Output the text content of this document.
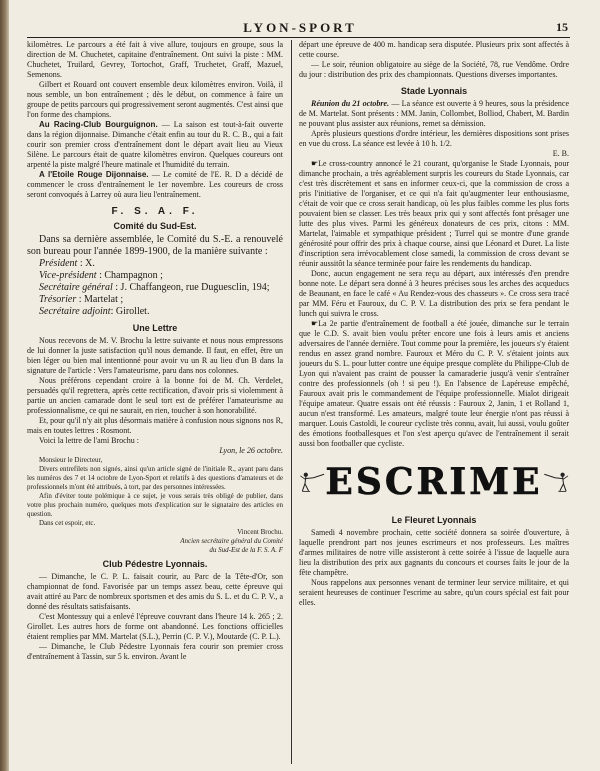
LYON-SPORT	15

kilomètres. Le parcours a été fait à vive allure, toujours en groupe, sous la direction de M. Chuchetet, capitaine d'entraînement. Ont suivi la piste : MM. Chuchetet, Truilard, Gevrey, Tortochot, Graff, Truchetet, Graff, Mazuel, Semenons.

Gilbert et Rouard ont couvert ensemble deux kilomètres environ. Voilà, il nous semble, un bon entraînement ; dès le début, on commence à faire un groupe de petits parcours qui progressivement seront augmentés. C'est ainsi que l'on forme des champions.

Au Racing-Club Bourguignon. — La saison est tout-à-fait ouverte dans la région dijonnaise. Dimanche c'était enfin au tour du R. C. B., qui a fait courir son premier cross d'entraînement dont le départ avait lieu au Vieux Silène. Le parcours était de quatre kilomètres environ. Quelques coureurs ont arpenté la piste malgré l'heure matinale et l'humidité du terrain.

A l'Etoile Rouge Dijonnaise. — Le comité de l'E. R. D a décidé de commencer le cross d'entraînement le 1er novembre. Les coureurs de cross seront convoqués à Larrey où aura lieu l'entraînement.

F. S. A. F.
Comité du Sud-Est.

Dans sa dernière assemblée, le Comité du S.-E. a renouvelé son bureau pour l'année 1899-1900, de la manière suivante :

Président : X.

Vice-président : Champagnon ;

Secrétaire général : J. Chaffangeon, rue Duguesclin, 194;

Trésorier : Martelat ;

Secrétaire adjoint: Girollet.

Une Lettre

Nous recevons de M. V. Brochu la lettre suivante et nous nous empressons de lui donner la juste satisfaction qu'il nous demande. Il faut, en effet, être un bien léger ou bien mal intentionné pour avoir vu un R au lieu d'un B dans la signature de l'article : Vers l'amateurisme, paru dans nos colonnes.

Nous préférons cependant croire à la bonne foi de M. Ch. Verdelet, persuadés qu'il regrettera, après cette rectification, d'avoir pris si violemment à partie un ancien camarade dont le seul tort est de préférer l'amateurisme au professionnalisme, ce qui ne saurait, en rien, toucher à son honorabilité.

Et, pour qu'il n'y ait plus désormais matière à confusion nous signons nos R, mais en toutes lettres : Rosmont.

Voici la lettre de l'ami Brochu :

Lyon, le 26 octobre.

Monsieur le Directeur,

Divers entrefilets non signés, ainsi qu'un article signé de l'initiale R., ayant paru dans les numéros des 7 et 14 octobre de Lyon-Sport et relatifs à des questions d'amateurs et de professionnels m'ont été attribués, à tort, par des personnes intéressées.

Afin d'éviter toute polémique à ce sujet, je vous serais très obligé de publier, dans votre plus prochain numéro, quelques mots d'explication sur le signataire des articles en question.

Dans cet espoir, etc.

Vincent Brochu.

Ancien secrétaire général du Comité

du Sud-Est de la F. S. A. F

Club Pédestre Lyonnais.

— Dimanche, le C. P. L. faisait courir, au Parc de la Tête-d'Or, son championnat de fond. Favorisée par un temps assez beau, cette épreuve qui avait attiré au Parc de nombreux sportsmen et des amis du S. L. et du C. P. V., a donné des résultats satisfaisants.

C'est Montessuy qui a enlevé l'épreuve couvrant dans l'heure 14 k. 265 ; 2. Girollet. Les autres hors de forme ont abandonné. Les fonctions officielles étaient remplies par MM. Martelat (S.L.), Perrin (C. P. V.), Moutarde (C. P. L.).

— Dimanche, le Club Pédestre Lyonnais fera courir son premier cross d'entraînement à Tassin, sur 5 k. environ. Avant le

départ une épreuve de 400 m. handicap sera disputée. Plusieurs prix sont affectés à cette course.

— Le soir, réunion obligatoire au siège de la Société, 78, rue Vendôme. Ordre du jour : distribution des prix des championnats. Questions diverses importantes.

Stade Lyonnais

Réunion du 21 octobre. — La séance est ouverte à 9 heures, sous la présidence de M. Martelat. Sont présents : MM. Janin, Collombet, Bolliod, Chabert, M. Bardin ne pouvant plus assister aux réunions, remet sa démission.

Après plusieurs questions d'ordre intérieur, les dernières dispositions sont prises en vue du cross. La séance est levée à 10 h. 1/2.

E. B.

☛Le cross-country annoncé le 21 courant, qu'organise le Stade Lyonnais, pour dimanche prochain, a très agréablement surpris les coureurs du Stade Lyonnais, car c'est très discrètement et sans en informer ceux-ci, que la commission de cross a pris l'initiative de l'organiser, et ce qui n'a fait qu'augmenter leur enthousiasme, c'était de voir que ce cross serait handicap, où les plus faibles comme les plus forts pouvaient bien se classer. Les très beaux prix qui y sont affectés font présager une lutte des plus vives. Parmi les généreux donateurs de ces prix, citons : MM. Martelat, l'aimable et sympathique président ; Turrel qui se montre d'une grande générosité pour offrir des prix à chaque course, ainsi que Léonard et Duret. La liste d'inscription sera irrévocablement close samedi, la commission de cross devant se réunir aussitôt la séance terminée pour faire les rendements du handicap.

Donc, aucun engagement ne sera reçu au départ, aux intéressés d'en prendre bonne note. Le départ sera donné à 3 heures précises sous les arches des acqueducs de Beaunant, en face le café « Au Rendez-vous des chasseurs ». Ce cross sera tracé par MM. Féru et Fauroux, du C. P. V. La distribution des prix se fera pendant le lunch qui suivra le cross.

☛La 2e partie d'entraînement de football a été jouée, dimanche sur le terrain que le C.D. S. avait bien voulu prêter encore une fois à leurs amis et anciens adversaires de l'année dernière. Tout comme pour la première, les joueurs s'y étaient rendus en assez grand nombre. Fauroux et Méro du C. P. V. s'étaient joints aux joueurs du S. L. pour lutter contre une équipe presque complète du Philippe-Club de Lyon qui n'avaient pas craint de pousser la camaraderie jusqu'à venir s'entraîner contre des professionnels (oh ! si peu !). En l'absence de Lapéreuse empêché, Fauroux avait pris le commandement de l'équipe professionnelle. Mialot dirigeait l'équipe amateur. Quatre essais ont été réussis : Fauroux 2, Janin, 1 et Rolland 1, aucun n'est transformé. Les amateurs, malgré toute leur énergie n'ont pas réussi à marquer. Louis Castoldi, le coureur cycliste très connu, avait, lui aussi, voulu goûter des émotions footballesques et l'on s'est aperçu qu'avec de l'entraînement il serait aussi bon footballer que cycliste.

ESCRIME
Le Fleuret Lyonnais

Samedi 4 novembre prochain, cette société donnera sa soirée d'ouverture, à laquelle prendront part nos jeunes escrimeurs et nos professeurs. Les maîtres d'armes militaires de notre ville assisteront à cette soirée à l'issue de laquelle aura lieu la distribution des prix aux gagnants du concours et courses faits le jour de la fête champêtre.

Nous rappelons aux personnes venant de terminer leur service militaire, et qui seraient heureuses de continuer l'escrime au sabre, qu'un cours spécial est fait pour elles.
